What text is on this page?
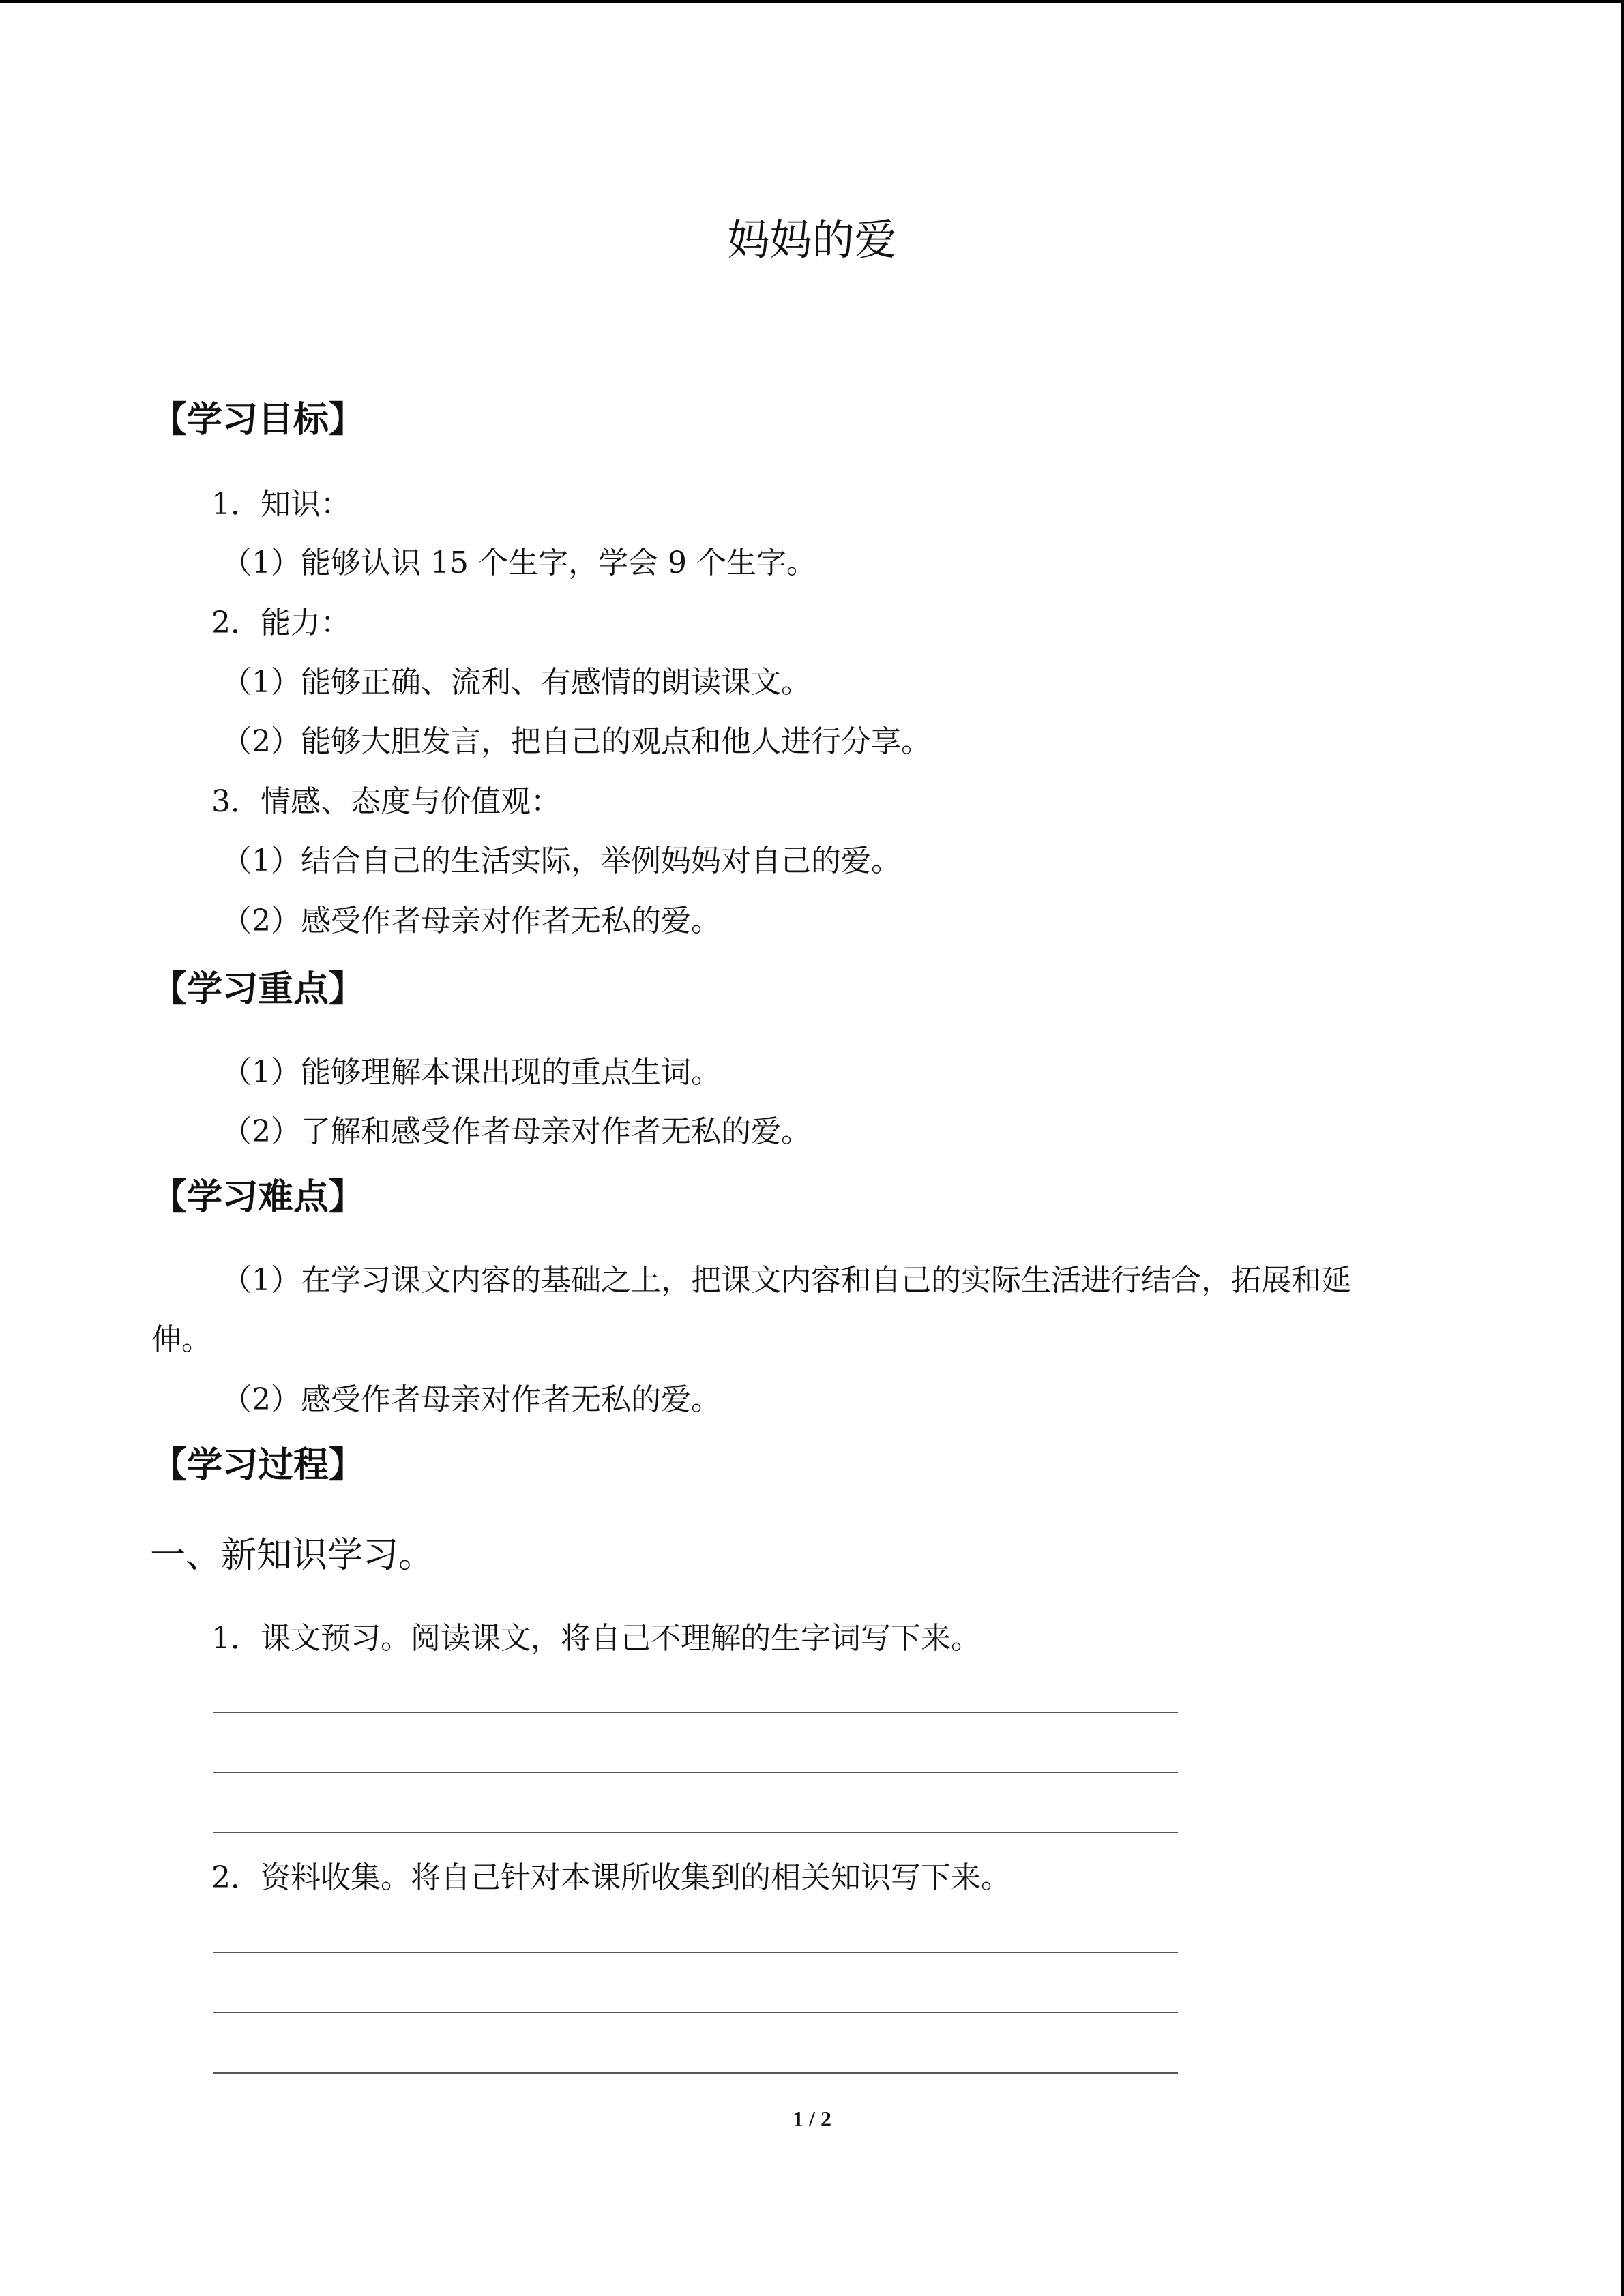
妈妈的爱
【学习目标】
1．知识：
（1）能够认识 15 个生字，学会 9 个生字。
2．能力：
（1）能够正确、流利、有感情的朗读课文。
（2）能够大胆发言，把自己的观点和他人进行分享。
3．情感、态度与价值观：
（1）结合自己的生活实际，举例妈妈对自己的爱。
（2）感受作者母亲对作者无私的爱。
【学习重点】
（1）能够理解本课出现的重点生词。
（2）了解和感受作者母亲对作者无私的爱。
【学习难点】
（1）在学习课文内容的基础之上，把课文内容和自己的实际生活进行结合，拓展和延
伸。
（2）感受作者母亲对作者无私的爱。
【学习过程】
一、新知识学习。
1．课文预习。阅读课文，将自己不理解的生字词写下来。
2．资料收集。将自己针对本课所收集到的相关知识写下来。
1 / 2
